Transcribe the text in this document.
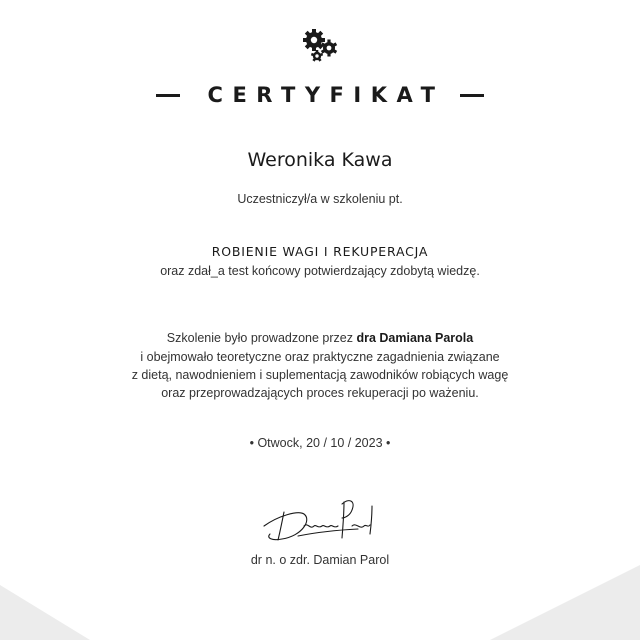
CERTYFIKAT
Weronika Kawa
Uczestniczył/a w szkoleniu pt.
ROBIENIE WAGI I REKUPERACJA
oraz zdał_a test końcowy potwierdzający zdobytą wiedzę.
Szkolenie było prowadzone przez dra Damiana Parola
i obejmowało teoretyczne oraz praktyczne zagadnienia związane
z dietą, nawodnieniem i suplementacją zawodników robiących wagę
oraz przeprowadzających proces rekuperacji po ważeniu.
• Otwock, 20 / 10 / 2023 •
dr n. o zdr. Damian Parol
